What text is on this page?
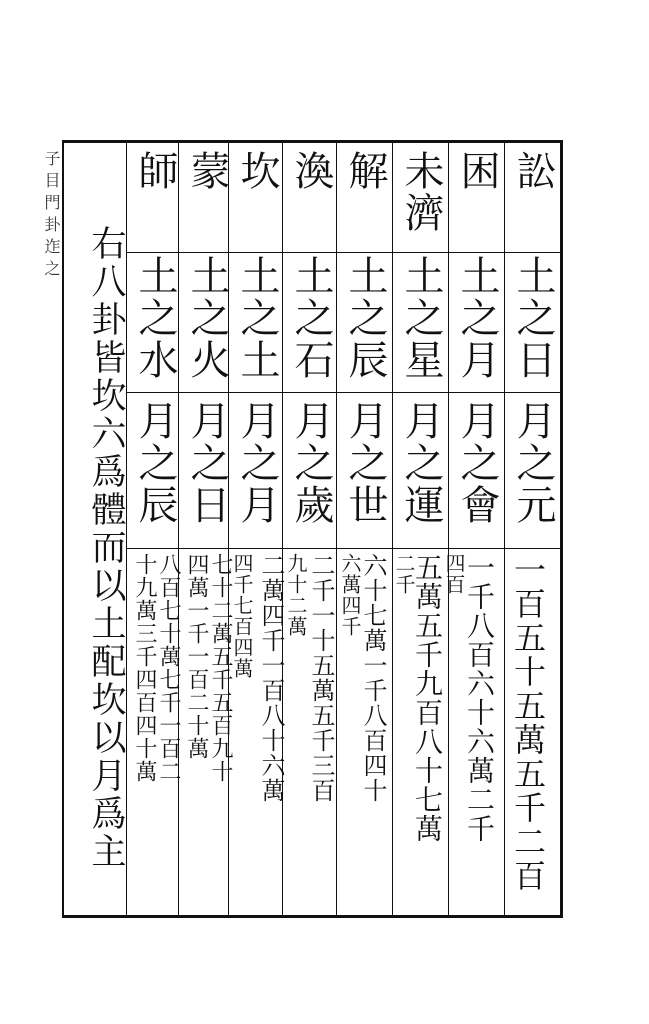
子目門卦迮之	訟
土之日
月之元
一百五十五萬五千二百
困
土之月
月之會
一千八百六十六萬二千
四百
未濟
土之星
月之運
五萬五千九百八十七萬
二千
解
土之辰
月之世
六十七萬一千八百四十
六萬四千
渙
土之石
月之歲
二千一十五萬五千三百
九十二萬
坎
土之土
月之月
二萬四千一百八十六萬
四千七百四萬
蒙
土之火
月之日
七十二萬五千五百九十
四萬一千一百二十萬
師
土之水
月之辰
八百七十萬七千一百二
十九萬三千四百四十萬
右八卦皆坎六爲體而以土配坎以月爲主
